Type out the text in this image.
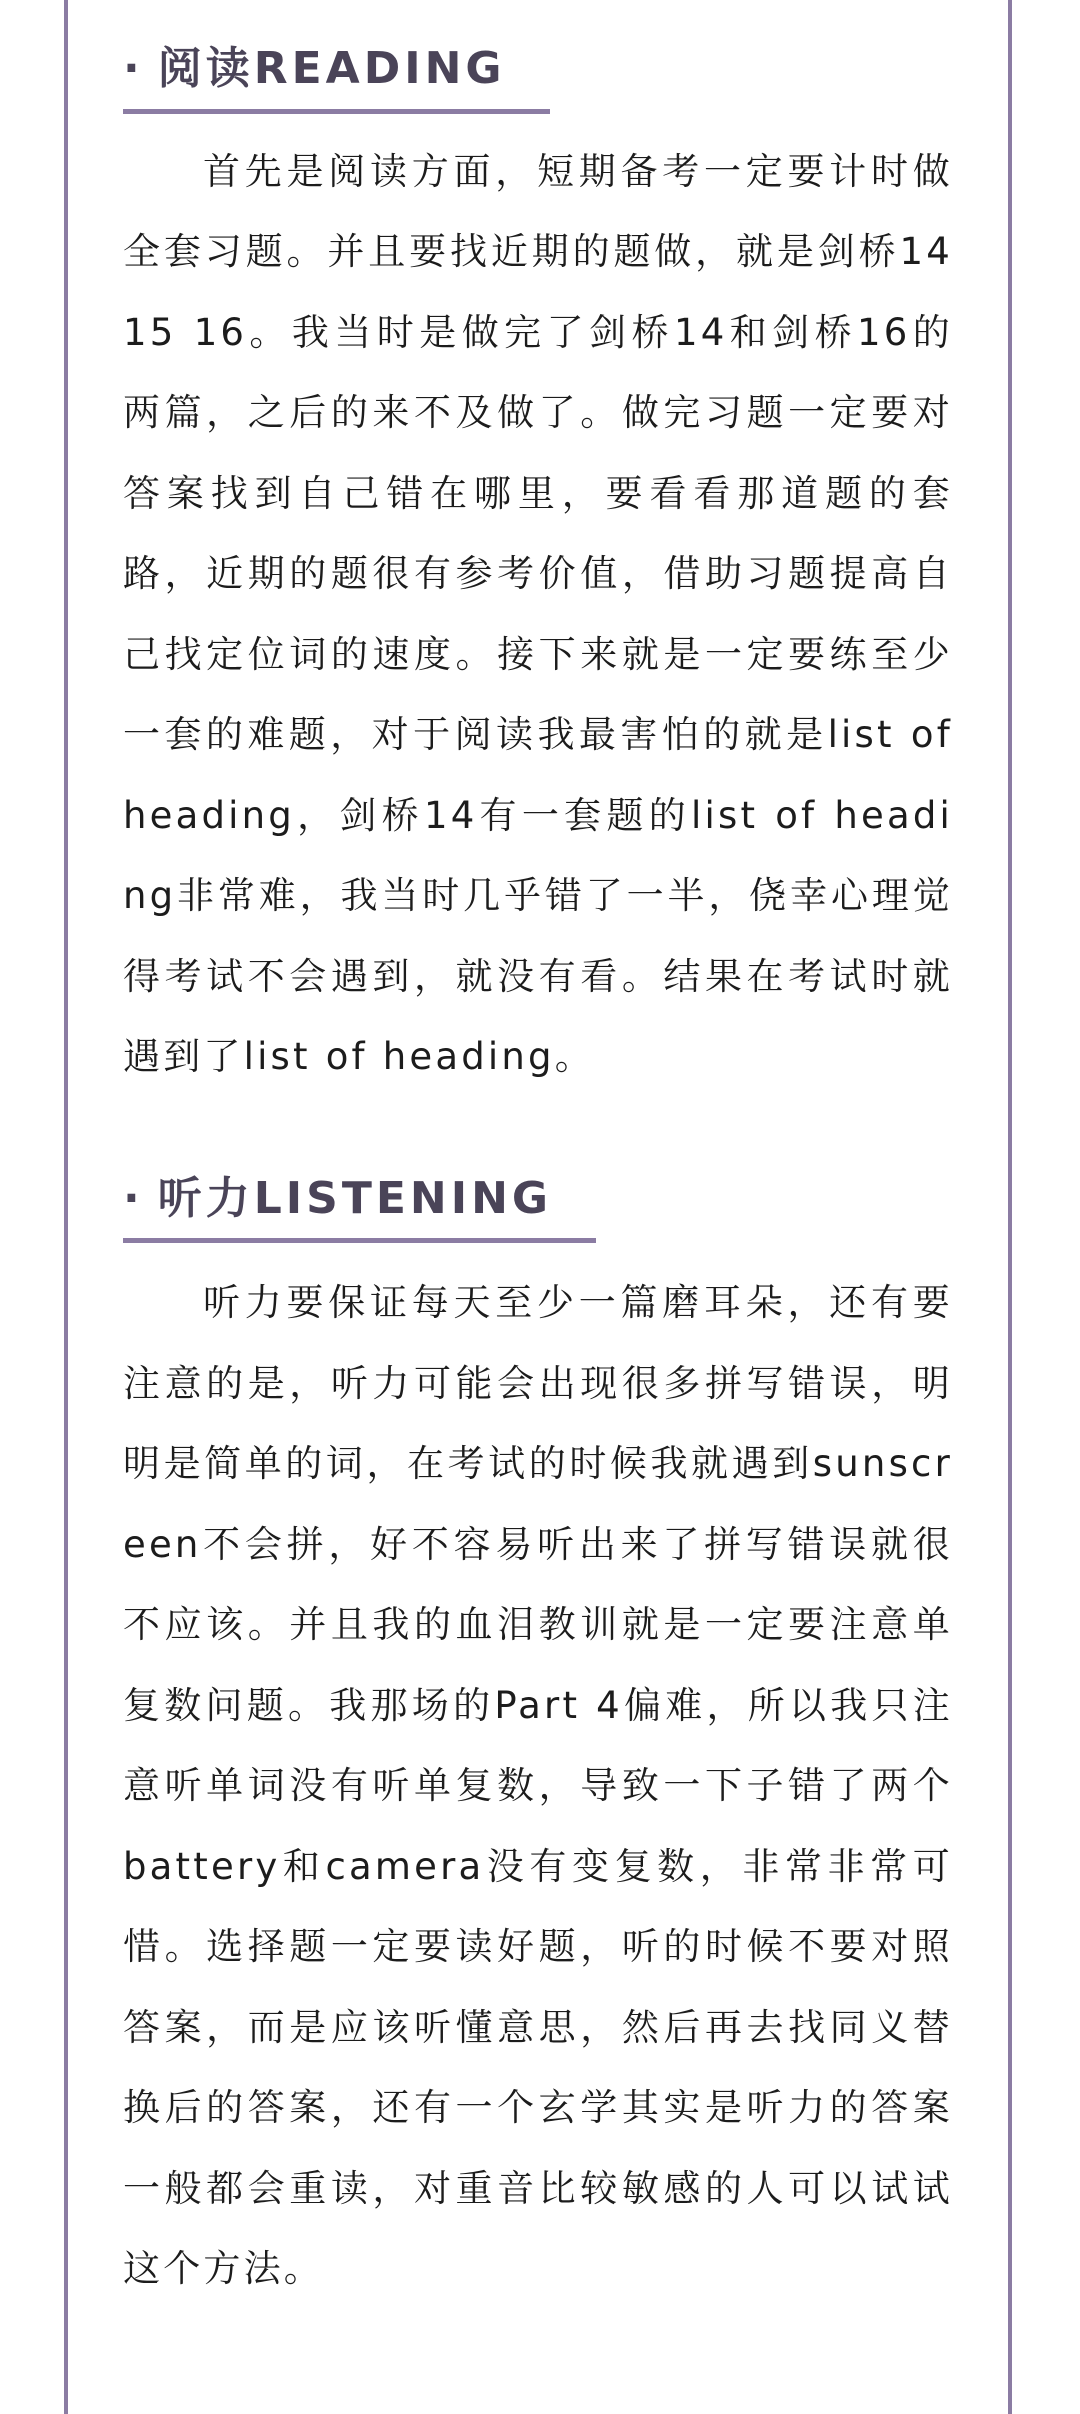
· 阅读READING

首先是阅读方面，短期备考一定要计时做全套习题。并且要找近期的题做，就是剑桥14 15 16。我当时是做完了剑桥14和剑桥16的两篇，之后的来不及做了。做完习题一定要对答案找到自己错在哪里，要看看那道题的套路，近期的题很有参考价值，借助习题提高自己找定位词的速度。接下来就是一定要练至少一套的难题，对于阅读我最害怕的就是list of heading，剑桥14有一套题的list of heading非常难，我当时几乎错了一半，侥幸心理觉得考试不会遇到，就没有看。结果在考试时就遇到了list of heading。

· 听力LISTENING

听力要保证每天至少一篇磨耳朵，还有要注意的是，听力可能会出现很多拼写错误，明明是简单的词，在考试的时候我就遇到sunscreen不会拼，好不容易听出来了拼写错误就很不应该。并且我的血泪教训就是一定要注意单复数问题。我那场的Part 4偏难，所以我只注意听单词没有听单复数，导致一下子错了两个battery和camera没有变复数，非常非常可惜。选择题一定要读好题，听的时候不要对照答案，而是应该听懂意思，然后再去找同义替换后的答案，还有一个玄学其实是听力的答案一般都会重读，对重音比较敏感的人可以试试这个方法。
